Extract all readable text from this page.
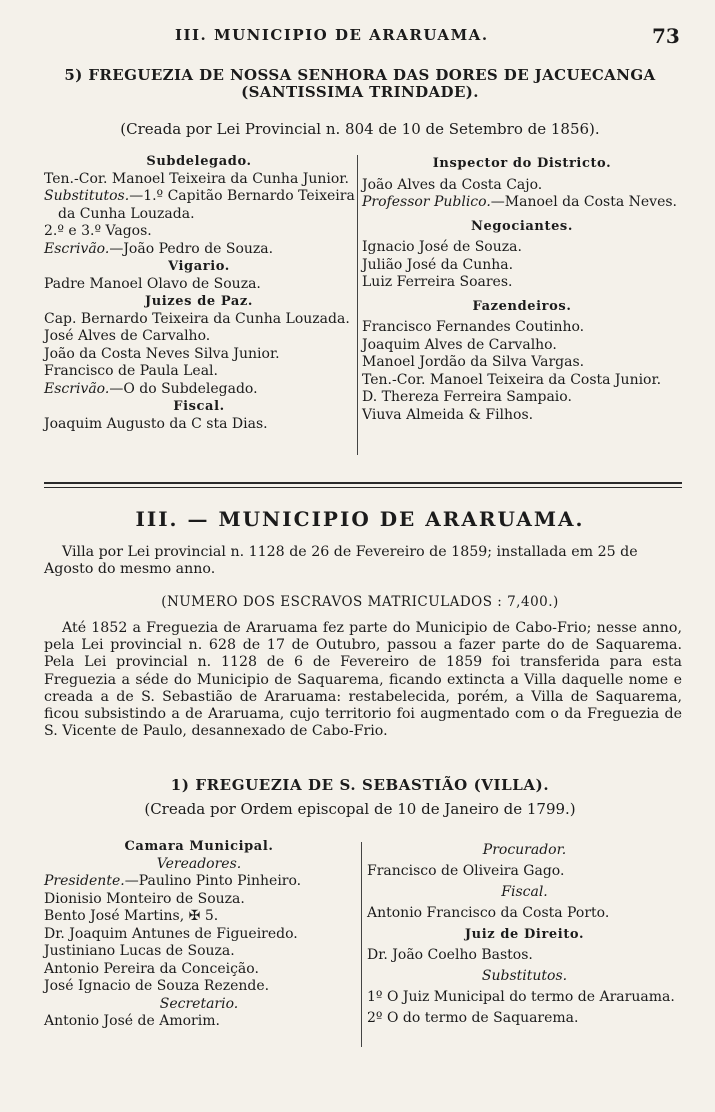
III. MUNICIPIO DE ARARUAMA.	73
5) FREGUEZIA DE NOSSA SENHORA DAS DORES DE JACUECANGA
(SANTISSIMA TRINDADE).
(Creada por Lei Provincial n. 804 de 10 de Setembro de 1856).
Subdelegado.
Ten.-Cor. Manoel Teixeira da Cunha Junior.
Substitutos.—1.º Capitão Bernardo Teixeira
da Cunha Louzada.
2.º e 3.º Vagos.
Escrivão.—João Pedro de Souza.
Vigario.
Padre Manoel Olavo de Souza.
Juizes de Paz.
Cap. Bernardo Teixeira da Cunha Louzada.
José Alves de Carvalho.
João da Costa Neves Silva Junior.
Francisco de Paula Leal.
Escrivão.—O do Subdelegado.
Fiscal.
Joaquim Augusto da C sta Dias.
Inspector do Districto.
João Alves da Costa Cajo.
Professor Publico.—Manoel da Costa Neves.
Negociantes.
Ignacio José de Souza.
Julião José da Cunha.
Luiz Ferreira Soares.
Fazendeiros.
Francisco Fernandes Coutinho.
Joaquim Alves de Carvalho.
Manoel Jordão da Silva Vargas.
Ten.-Cor. Manoel Teixeira da Costa Junior.
D. Thereza Ferreira Sampaio.
Viuva Almeida & Filhos.
III. — MUNICIPIO DE ARARUAMA.

Villa por Lei provincial n. 1128 de 26 de Fevereiro de 1859; installada em 25 de Agosto do mesmo anno.

(NUMERO DOS ESCRAVOS MATRICULADOS : 7,400.)

Até 1852 a Freguezia de Araruama fez parte do Municipio de Cabo-Frio; nesse anno, pela Lei provincial n. 628 de 17 de Outubro, passou a fazer parte do de Saquarema. Pela Lei provincial n. 1128 de 6 de Fevereiro de 1859 foi transferida para esta Freguezia a séde do Municipio de Saquarema, ficando extincta a Villa daquelle nome e creada a de S. Sebastião de Araruama: restabelecida, porém, a Villa de Saquarema, ficou subsistindo a de Araruama, cujo territorio foi augmentado com o da Freguezia de S. Vicente de Paulo, desannexado de Cabo-Frio.

1) FREGUEZIA DE S. SEBASTIÃO (VILLA).
(Creada por Ordem episcopal de 10 de Janeiro de 1799.)
Camara Municipal.
Vereadores.
Presidente.—Paulino Pinto Pinheiro.
Dionisio Monteiro de Souza.
Bento José Martins, ✠ 5.
Dr. Joaquim Antunes de Figueiredo.
Justiniano Lucas de Souza.
Antonio Pereira da Conceição.
José Ignacio de Souza Rezende.
Secretario.
Antonio José de Amorim.
Procurador.
Francisco de Oliveira Gago.
Fiscal.
Antonio Francisco da Costa Porto.
Juiz de Direito.
Dr. João Coelho Bastos.
Substitutos.
1º O Juiz Municipal do termo de Araruama.
2º O do termo de Saquarema.
